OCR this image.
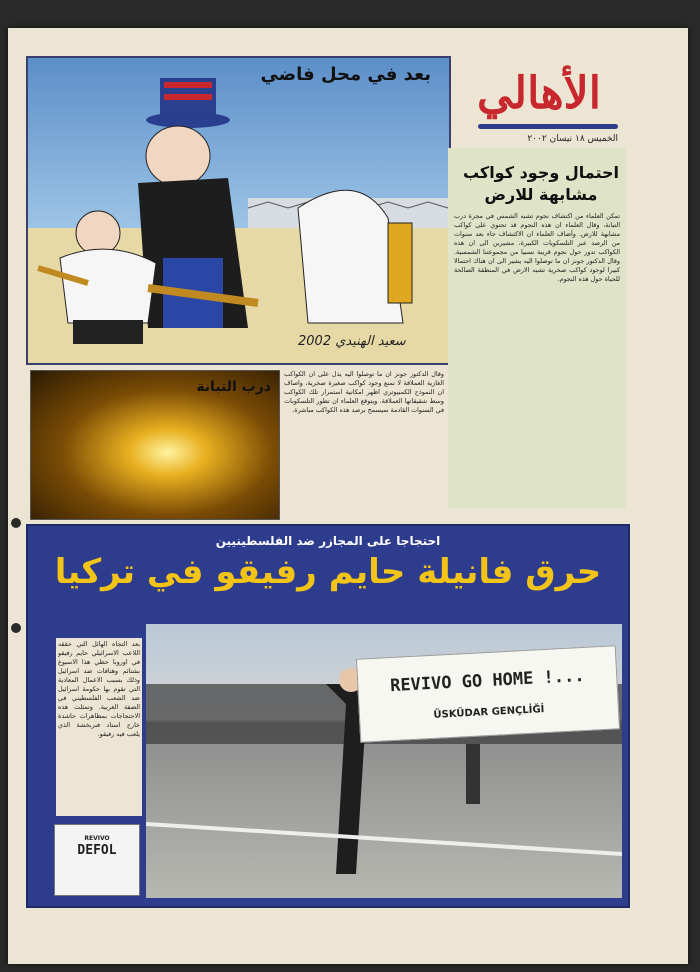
بعد في محل فاضي
سعيد الهنيدي 2002
الأهالي
الخميس ١٨ نيسان ٢٠٠٢
تمكن العلماء من اكتشاف نجوم تشبه الشمس في مجرة درب التبانة، وقال العلماء ان هذه النجوم قد تحتوي على كواكب مشابهة للارض. وأضاف العلماء ان الاكتشاف جاء بعد سنوات من الرصد عبر التلسكوبات الكبيرة، مشيرين الى ان هذه الكواكب تدور حول نجوم قريبة نسبيا من مجموعتنا الشمسية. وقال الدكتور جونز ان ما توصلوا اليه يشير الى ان هناك احتمالا كبيرا لوجود كواكب صخرية تشبه الارض في المنطقة الصالحة للحياة حول هذه النجوم.
احتمال وجود كواكب مشابهة للارض
وقال الدكتور جونز ان ما توصلوا اليه يدل على ان الكواكب الغازية العملاقة لا تمنع وجود كواكب صغيرة صخرية، واصاف ان النموذج الكمبيوتري اظهر امكانية استمرار تلك الكواكب وسط شقيقاتها العملاقة. ويتوقع العلماء ان تطور التلسكوبات في السنوات القادمة سيسمح برصد هذه الكواكب مباشرة.
درب التبانة
احتجاجا على المجازر ضد الفلسطينيين
حرق فانيلة حايم رفيقو في تركيا
بعد التجاه الهائل التي حققه اللاعب الاسرائيلي حايم رفيقو في اوروبا حظي هذا الاسبوع بشتائم وهتافات ضد اسرائيل وذلك بسبب الاعمال المعادية التي تقوم بها حكومة اسرائيل ضد الشعب الفلسطيني في الضفة الغربية. وتمثلت هذه الاحتجاجات بمظاهرات حاشدة خارج استاد فنربخشة الذي يلعب فيه رفيقو.
REVIVO
DEFOL
REVIVO GO HOME !...
ÜSKÜDAR GENÇLİĞİ
